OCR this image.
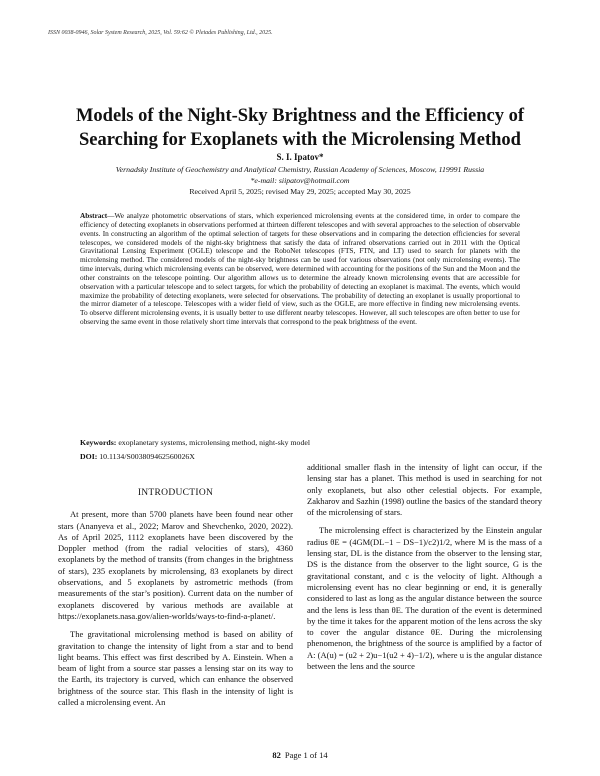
ISSN 0038-0946, Solar System Research, 2025, Vol. 59:62 © Pleiades Publishing, Ltd., 2025.
Models of the Night-Sky Brightness and the Efficiency of Searching for Exoplanets with the Microlensing Method
S. I. Ipatov*
Vernadsky Institute of Geochemistry and Analytical Chemistry, Russian Academy of Sciences, Moscow, 119991 Russia
*e-mail: siipatov@hotmail.com
Received April 5, 2025; revised May 29, 2025; accepted May 30, 2025
Abstract—We analyze photometric observations of stars, which experienced microlensing events at the considered time, in order to compare the efficiency of detecting exoplanets in observations performed at thirteen different telescopes and with several approaches to the selection of observable events. In constructing an algorithm of the optimal selection of targets for these observations and in comparing the detection efficiencies for several telescopes, we considered models of the night-sky brightness that satisfy the data of infrared observations carried out in 2011 with the Optical Gravitational Lensing Experiment (OGLE) telescope and the RoboNet telescopes (FTS, FTN, and LT) used to search for planets with the microlensing method. The considered models of the night-sky brightness can be used for various observations (not only microlensing events). The time intervals, during which microlensing events can be observed, were determined with accounting for the positions of the Sun and the Moon and the other constraints on the telescope pointing. Our algorithm allows us to determine the already known microlensing events that are accessible for observation with a particular telescope and to select targets, for which the probability of detecting an exoplanet is maximal. The events, which would maximize the probability of detecting exoplanets, were selected for observations. The probability of detecting an exoplanet is usually proportional to the mirror diameter of a telescope. Telescopes with a wider field of view, such as the OGLE, are more effective in finding new microlensing events. To observe different microlensing events, it is usually better to use different nearby telescopes. However, all such telescopes are often better to use for observing the same event in those relatively short time intervals that correspond to the peak brightness of the event.
Keywords: exoplanetary systems, microlensing method, night-sky model
DOI: 10.1134/S003809462560026X
INTRODUCTION

At present, more than 5700 planets have been found near other stars (Ananyeva et al., 2022; Marov and Shevchenko, 2020, 2022). As of April 2025, 1112 exoplanets have been discovered by the Doppler method (from the radial velocities of stars), 4360 exoplanets by the method of transits (from changes in the brightness of stars), 235 exoplanets by microlensing, 83 exoplanets by direct observations, and 5 exoplanets by astrometric methods (from measurements of the star’s position). Current data on the number of exoplanets discovered by various methods are available at https://exoplanets.nasa.gov/alien-worlds/ways-to-find-a-planet/.

The gravitational microlensing method is based on ability of gravitation to change the intensity of light from a star and to bend light beams. This effect was first described by A. Einstein. When a beam of light from a source star passes a lensing star on its way to the Earth, its trajectory is curved, which can enhance the observed brightness of the source star. This flash in the intensity of light is called a microlensing event. An

additional smaller flash in the intensity of light can occur, if the lensing star has a planet. This method is used in searching for not only exoplanets, but also other celestial objects. For example, Zakharov and Sazhin (1998) outline the basics of the standard theory of the microlensing of stars.

The microlensing effect is characterized by the Einstein angular radius θE = (4GM(DL−1 − DS−1)/c2)1/2, where M is the mass of a lensing star, DL is the distance from the observer to the lensing star, DS is the distance from the observer to the light source, G is the gravitational constant, and c is the velocity of light. Although a microlensing event has no clear beginning or end, it is generally considered to last as long as the angular distance between the source and the lens is less than θE. The duration of the event is determined by the time it takes for the apparent motion of the lens across the sky to cover the angular distance θE. During the microlensing phenomenon, the brightness of the source is amplified by a factor of A: (A(u) = (u2 + 2)u−1(u2 + 4)−1/2), where u is the angular distance between the lens and the source

82 Page 1 of 14
